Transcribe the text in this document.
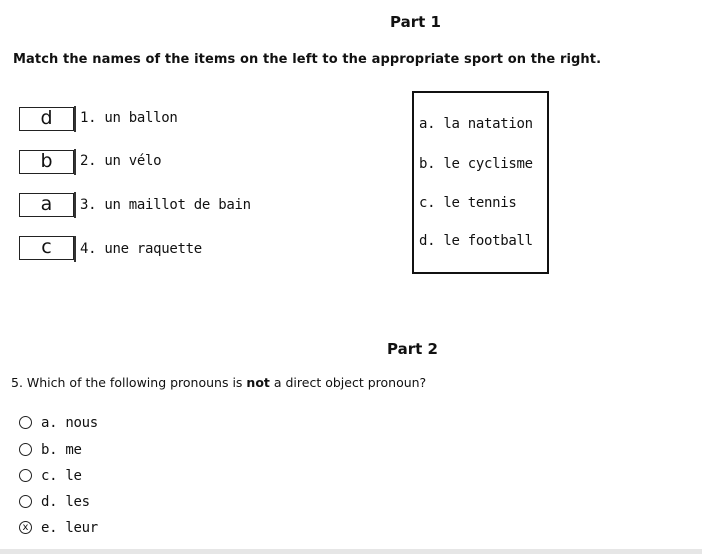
Part 1
Match the names of the items on the left to the appropriate sport on the right.
d	1. un ballon
b	2. un vélo
a	3. un maillot de bain
c	4. une raquette
a. la natation
b. le cyclisme
c. le tennis
d. le football
Part 2
5. Which of the following pronouns is not a direct object pronoun?
a. nous
b. me
c. le
d. les
x e. leur
